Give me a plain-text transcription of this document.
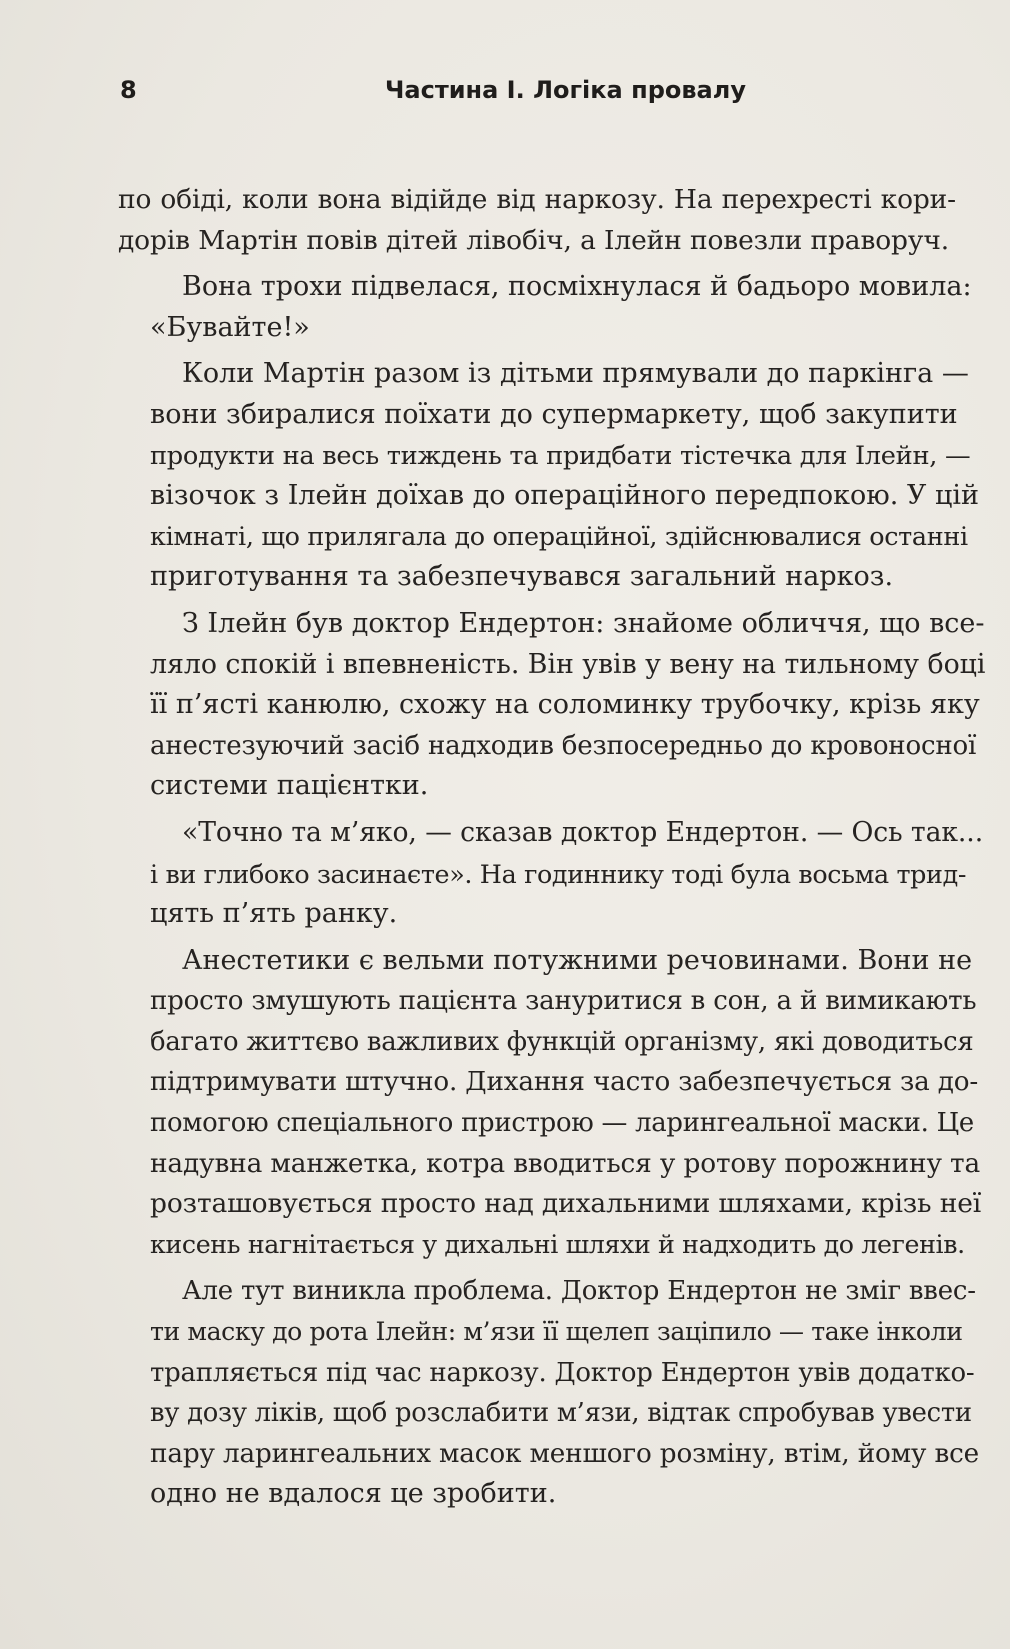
8	Частина І. Логіка провалу

по обіді, коли вона відійде від наркозу. На перехресті кори-
дорів Мартін повів дітей лівобіч, а Ілейн повезли праворуч.

Вона трохи підвелася, посміхнулася й бадьоро мовила:
«Бувайте!»

Коли Мартін разом із дітьми прямували до паркінга —
вони збиралися поїхати до супермаркету, щоб закупити
продукти на весь тиждень та придбати тістечка для Ілейн, —
візочок з Ілейн доїхав до операційного передпокою. У цій
кімнаті, що прилягала до операційної, здійснювалися останні
приготування та забезпечувався загальний наркоз.

З Ілейн був доктор Ендертон: знайоме обличчя, що все-
ляло спокій і впевненість. Він увів у вену на тильному боці
її п’ясті канюлю, схожу на соломинку трубочку, крізь яку
анестезуючий засіб надходив безпосередньо до кровоносної
системи пацієнтки.

«Точно та м’яко, — сказав доктор Ендертон. — Ось так...
і ви глибоко засинаєте». На годиннику тоді була восьма трид-
цять п’ять ранку.

Анестетики є вельми потужними речовинами. Вони не
просто змушують пацієнта зануритися в сон, а й вимикають
багато життєво важливих функцій організму, які доводиться
підтримувати штучно. Дихання часто забезпечується за до-
помогою спеціального пристрою — ларингеальної маски. Це
надувна манжетка, котра вводиться у ротову порожнину та
розташовується просто над дихальними шляхами, крізь неї
кисень нагнітається у дихальні шляхи й надходить до легенів.

Але тут виникла проблема. Доктор Ендертон не зміг ввес-
ти маску до рота Ілейн: м’язи її щелеп заціпило — таке інколи
трапляється під час наркозу. Доктор Ендертон увів додатко-
ву дозу ліків, щоб розслабити м’язи, відтак спробував увести
пару ларингеальних масок меншого розміну, втім, йому все
одно не вдалося це зробити.
